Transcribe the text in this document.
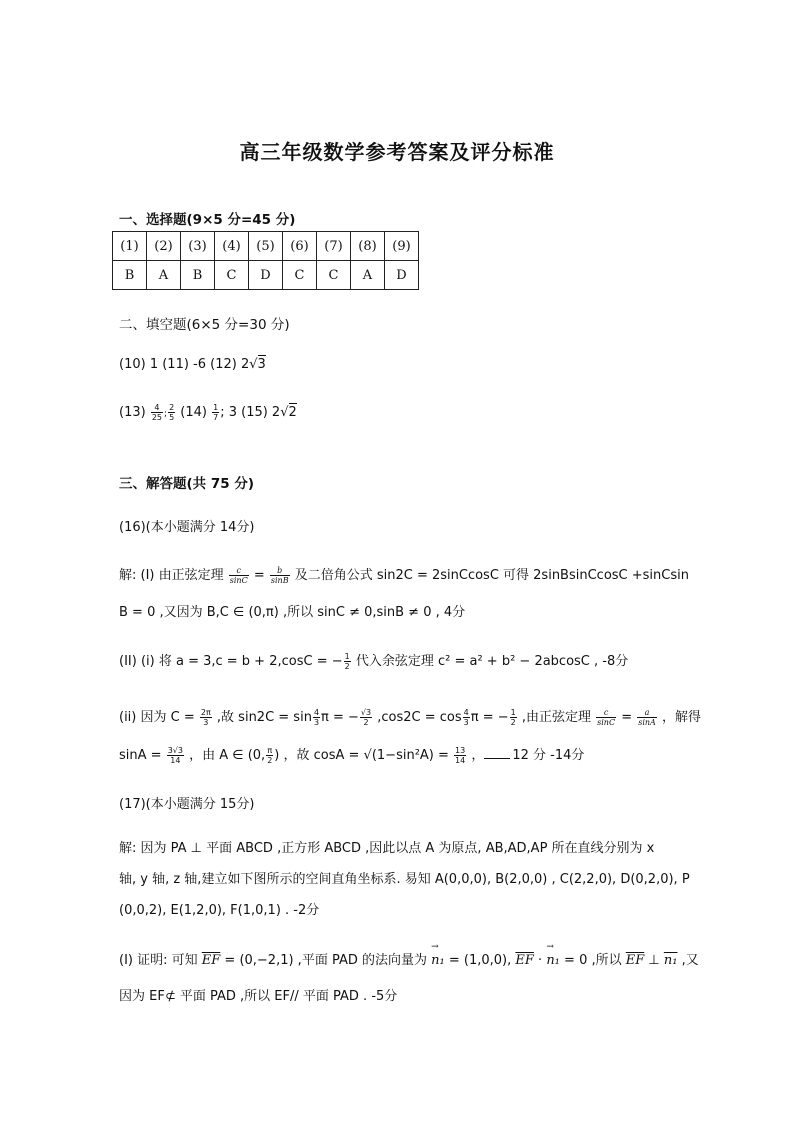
高三年级数学参考答案及评分标准
一、选择题(9×5 分=45 分)
(1)	(2)	(3)	(4)	(5)	(6)	(7)	(8)	(9)
B	A	B	C	D	C	C	A	D
二、填空题(6×5 分=30 分)
(10) 1 (11) -6 (12) 2√3
$(13) \frac{4}{25}$ ; $\frac{2}{5} (14) \frac{1}{7}$ ; 3 (15) 2√2
三、解答题(共 75 分)
(16)(本小题满分 14分)
解: (I) 由正弦定理 $\frac{c}{\sin C} = \frac{b}{\sin B}$ 及二倍角公式 sin2C = 2sinCcosC 可得 2sinBsinCcosC +sinCsin
B = 0 ,又因为 B,C ∈ (0,π) ,所以 sinC ≠ 0,sinB ≠ 0 , 4分
(II) (i) 将 a = 3,c = b + 2,cosC = − $\frac{1}{2}$ 代入余弦定理 c² = a² + b² − 2abcosC , -8分
(ii) 因为 $C = \frac{2\pi}{3}$ ,故 $\sin 2C = \sin \frac{4}{3}$ π = − $\frac{√3}{2} ,\cos 2C = \cos \frac{4}{3}$ π = − $\frac{1}{2}$ ,由正弦定理 $\frac{c}{\sin C} = \frac{a}{\sin A}$ ，解得
$\sin A = \frac{3√3}{14}$ ，由 A ∈ (0, $\frac{\pi}{2}$ ) ，故 $\cos A = √(1-\sin^2A) = \frac{13}{14}$ ， 12 分 -14分
(17)(本小题满分 15分)
解: 因为 PA ⊥ 平面 ABCD ,正方形 ABCD ,因此以点 A 为原点, AB,AD,AP 所在直线分别为 x
轴, y 轴, z 轴,建立如下图所示的空间直角坐标系. 易知 A(0,0,0), B(2,0,0) , C(2,2,0), D(0,2,0), P
(0,0,2), E(1,2,0), F(1,0,1) . -2分
(I) 证明: 可知 $\overline{EF} = (0,-2,1)$ ,平面 PAD 的法向量为 → n₁ = (1,0,0), $\overline{EF}$ · → n₁ = 0 ,所以 $\overline{EF}$ ⊥ n₁ ,又
因为 EF⊄ 平面 PAD ,所以 EF// 平面 PAD . -5分
